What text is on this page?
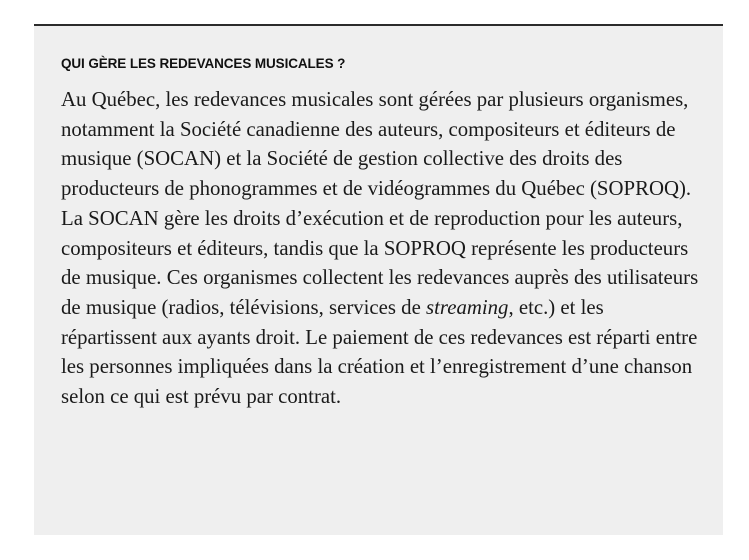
QUI GÈRE LES REDEVANCES MUSICALES ?

Au Québec, les redevances musicales sont gérées par plusieurs organismes, notamment la Société canadienne des auteurs, compositeurs et éditeurs de musique (SOCAN) et la Société de gestion collective des droits des producteurs de phonogrammes et de vidéogrammes du Québec (SOPROQ). La SOCAN gère les droits d’exécution et de reproduction pour les auteurs, compositeurs et éditeurs, tandis que la SOPROQ représente les producteurs de musique. Ces organismes collectent les redevances auprès des utilisateurs de musique (radios, télévisions, services de streaming, etc.) et les répartissent aux ayants droit. Le paiement de ces redevances est réparti entre les personnes impliquées dans la création et l’enregistrement d’une chanson selon ce qui est prévu par contrat.
